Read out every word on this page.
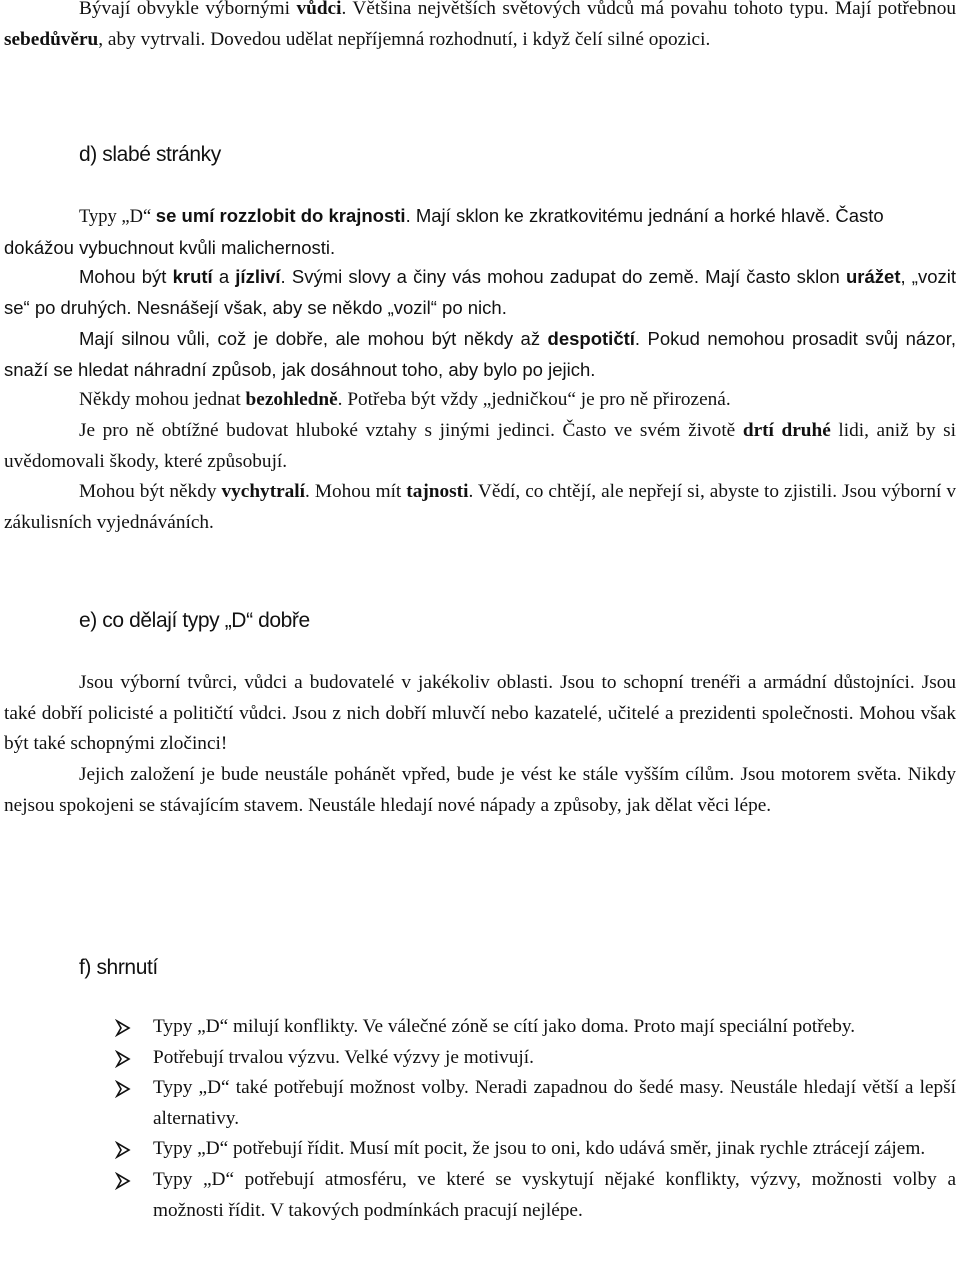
Bývají obvykle výbornými vůdci. Většina největších světových vůdců má povahu tohoto typu. Mají potřebnou sebedůvěru, aby vytrvali. Dovedou udělat nepříjemná rozhodnutí, i když čelí silné opozici.

d) slabé stránky

Typy „D“ se umí rozzlobit do krajnosti. Mají sklon ke zkratkovitému jednání a horké hlavě. Často dokážou vybuchnout kvůli malichernosti.

Mohou být krutí a jízliví. Svými slovy a činy vás mohou zadupat do země. Mají často sklon urážet, „vozit se“ po druhých. Nesnášejí však, aby se někdo „vozil“ po nich.

Mají silnou vůli, což je dobře, ale mohou být někdy až despotičtí. Pokud nemohou prosadit svůj názor, snaží se hledat náhradní způsob, jak dosáhnout toho, aby bylo po jejich.

Někdy mohou jednat bezohledně. Potřeba být vždy „jedničkou“ je pro ně přirozená.

Je pro ně obtížné budovat hluboké vztahy s jinými jedinci. Často ve svém životě drtí druhé lidi, aniž by si uvědomovali škody, které způsobují.

Mohou být někdy vychytralí. Mohou mít tajnosti. Vědí, co chtějí, ale nepřejí si, abyste to zjistili. Jsou výborní v zákulisních vyjednáváních.

e) co dělají typy „D“ dobře

Jsou výborní tvůrci, vůdci a budovatelé v jakékoliv oblasti. Jsou to schopní trenéři a armádní důstojníci. Jsou také dobří policisté a političtí vůdci. Jsou z nich dobří mluvčí nebo kazatelé, učitelé a prezidenti společnosti. Mohou však být také schopnými zločinci!

Jejich založení je bude neustále pohánět vpřed, bude je vést ke stále vyšším cílům. Jsou motorem světa. Nikdy nejsou spokojeni se stávajícím stavem. Neustále hledají nové nápady a způsoby, jak dělat věci lépe.

f) shrnutí
Typy „D“ milují konflikty. Ve válečné zóně se cítí jako doma. Proto mají speciální potřeby.
Potřebují trvalou výzvu. Velké výzvy je motivují.
Typy „D“ také potřebují možnost volby. Neradi zapadnou do šedé masy. Neustále hledají větší a lepší alternativy.
Typy „D“ potřebují řídit. Musí mít pocit, že jsou to oni, kdo udává směr, jinak rychle ztrácejí zájem.
Typy „D“ potřebují atmosféru, ve které se vyskytují nějaké konflikty, výzvy, možnosti volby a možnosti řídit. V takových podmínkách pracují nejlépe.
